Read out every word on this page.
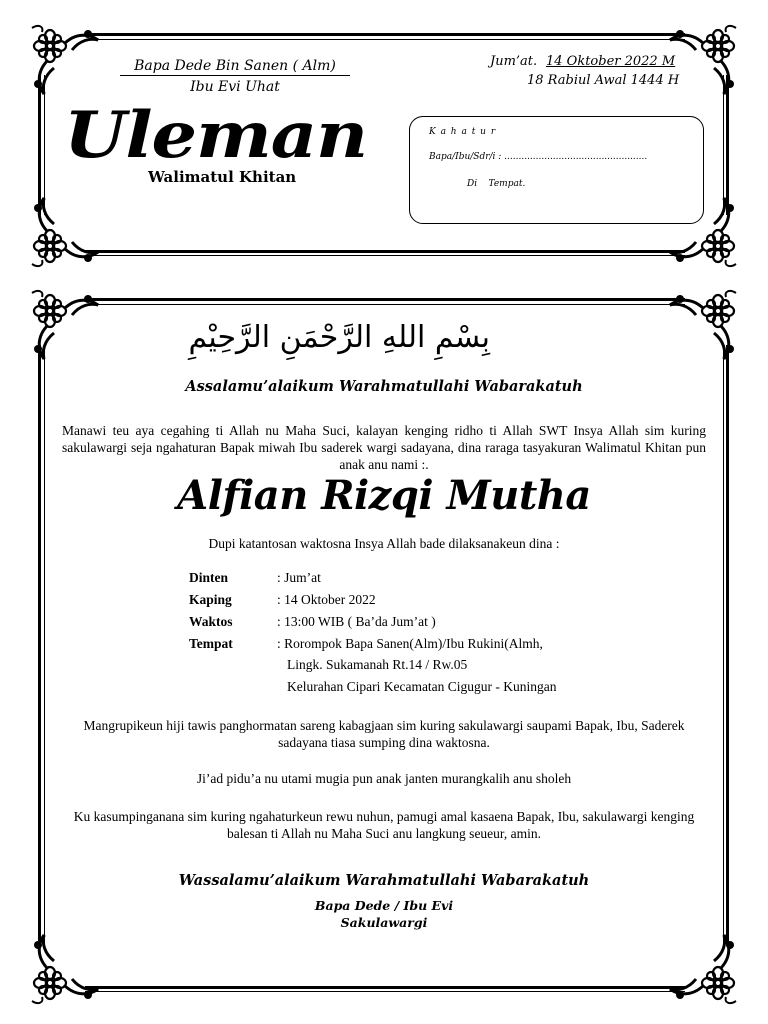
Bapa Dede Bin Sanen ( Alm)
Ibu Evi Uhat
Jum’at. 14 Oktober 2022 M
18 Rabiul Awal 1444 H
Uleman
Walimatul Khitan
K a h a t u r
Bapa/Ibu/Sdr/i : ..................................................
Di    Tempat.
بِسْمِ اللهِ الرَّحْمَنِ الرَّحِيْمِ
Assalamu’alaikum Warahmatullahi Wabarakatuh
Manawi teu aya cegahing ti Allah nu Maha Suci, kalayan kenging ridho ti Allah SWT Insya Allah sim kuring sakulawargi seja ngahaturan Bapak miwah Ibu saderek wargi sadayana, dina raraga tasyakuran Walimatul Khitan pun anak anu nami :.
Alfian Rizqi Mutha
Dupi katantosan waktosna Insya Allah bade dilaksanakeun dina :
Dinten	: Jum’at
Kaping	: 14 Oktober 2022
Waktos	: 13:00 WIB ( Ba’da Jum’at )
Tempat	: Rorompok Bapa Sanen(Alm)/Ibu Rukini(Almh,
Lingk. Sukamanah Rt.14 / Rw.05
Kelurahan Cipari Kecamatan Cigugur - Kuningan
Mangrupikeun hiji tawis panghormatan sareng kabagjaan sim kuring sakulawargi saupami Bapak, Ibu, Saderek sadayana tiasa sumping dina waktosna.
Ji’ad pidu’a nu utami mugia pun anak janten murangkalih anu sholeh
Ku kasumpinganana sim kuring ngahaturkeun rewu nuhun, pamugi amal kasaena Bapak, Ibu, sakulawargi kenging balesan ti Allah nu Maha Suci anu langkung seueur, amin.
Wassalamu’alaikum Warahmatullahi Wabarakatuh
Bapa Dede / Ibu Evi
Sakulawargi
